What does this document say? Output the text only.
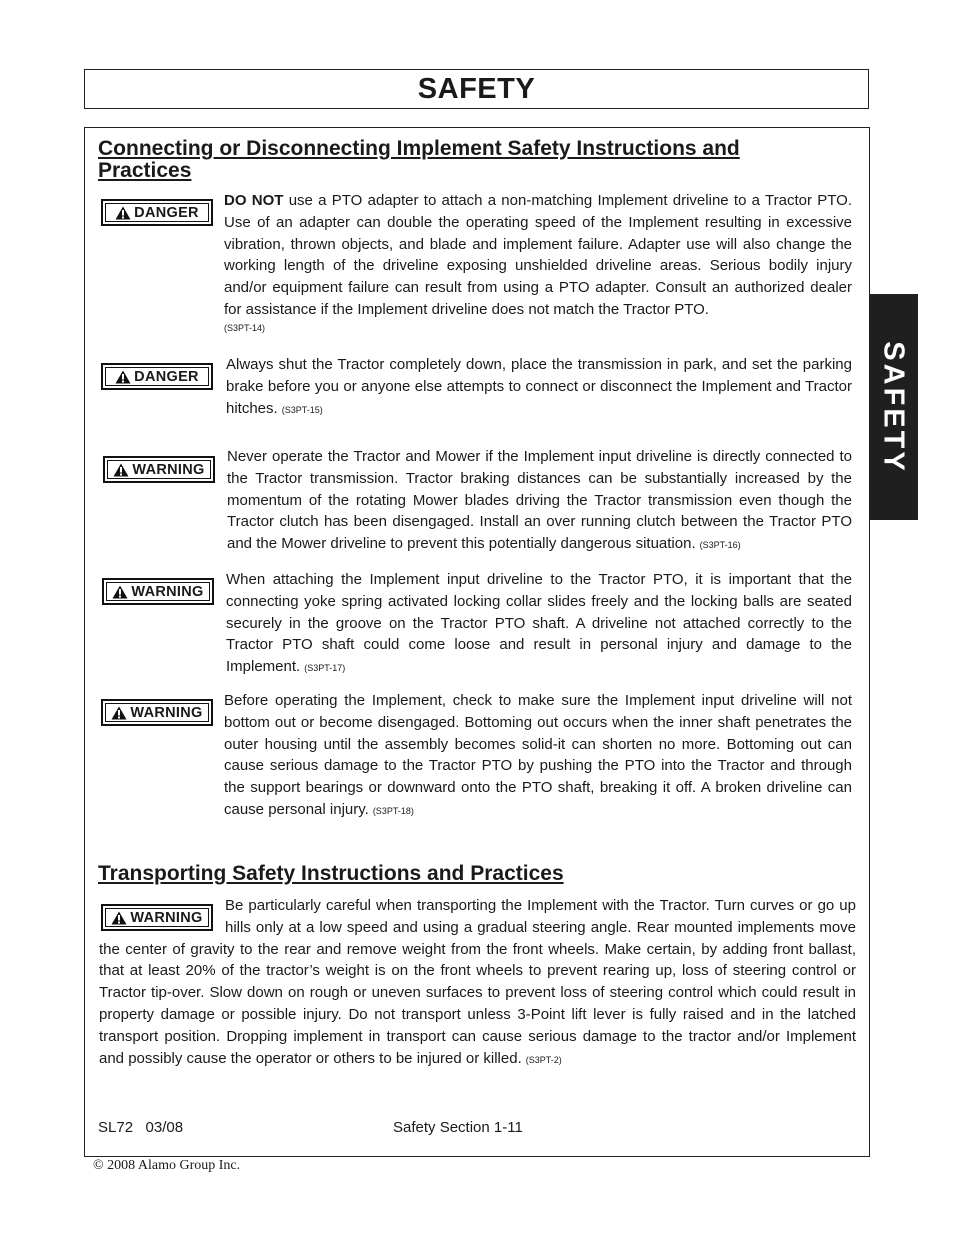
SAFETY
SAFETY
Connecting or Disconnecting Implement Safety Instructions and Practices
DANGER
DO NOT use a PTO adapter to attach a non-matching Implement driveline to a Tractor PTO. Use of an adapter can double the operating speed of the Implement resulting in excessive vibration, thrown objects, and blade and implement failure. Adapter use will also change the working length of the driveline exposing unshielded driveline areas. Serious bodily injury and/or equipment failure can result from using a PTO adapter. Consult an authorized dealer for assistance if the Implement driveline does not match the Tractor PTO.
(S3PT-14)
DANGER
Always shut the Tractor completely down, place the transmission in park, and set the parking brake before you or anyone else attempts to connect or disconnect the Implement and Tractor hitches. (S3PT-15)
WARNING
Never operate the Tractor and Mower if the Implement input driveline is directly connected to the Tractor transmission. Tractor braking distances can be substantially increased by the momentum of the rotating Mower blades driving the Tractor transmission even though the Tractor clutch has been disengaged. Install an over running clutch between the Tractor PTO and the Mower driveline to prevent this potentially dangerous situation. (S3PT-16)
WARNING
When attaching the Implement input driveline to the Tractor PTO, it is important that the connecting yoke spring activated locking collar slides freely and the locking balls are seated securely in the groove on the Tractor PTO shaft. A driveline not attached correctly to the Tractor PTO shaft could come loose and result in personal injury and damage to the Implement. (S3PT-17)
WARNING
Before operating the Implement, check to make sure the Implement input driveline will not bottom out or become disengaged. Bottoming out occurs when the inner shaft penetrates the outer housing until the assembly becomes solid-it can shorten no more. Bottoming out can cause serious damage to the Tractor PTO by pushing the PTO into the Tractor and through the support bearings or downward onto the PTO shaft, breaking it off. A broken driveline can cause personal injury. (S3PT-18)
Transporting Safety Instructions and Practices
Be particularly careful when transporting the Implement with the Tractor. Turn curves or go up hills only at a low speed and using a gradual steering angle. Rear mounted implements move the center of gravity to the rear and remove weight from the front wheels. Make certain, by adding front ballast, that at least 20% of the tractor’s weight is on the front wheels to prevent rearing up, loss of steering control or Tractor tip-over. Slow down on rough or uneven surfaces to prevent loss of steering control which could result in property damage or possible injury. Do not transport unless 3-Point lift lever is fully raised and in the latched transport position. Dropping implement in transport can cause serious damage to the tractor and/or Implement and possibly cause the operator or others to be injured or killed. (S3PT-2)
WARNING
SL72   03/08	Safety Section 1-11
© 2008 Alamo Group Inc.
